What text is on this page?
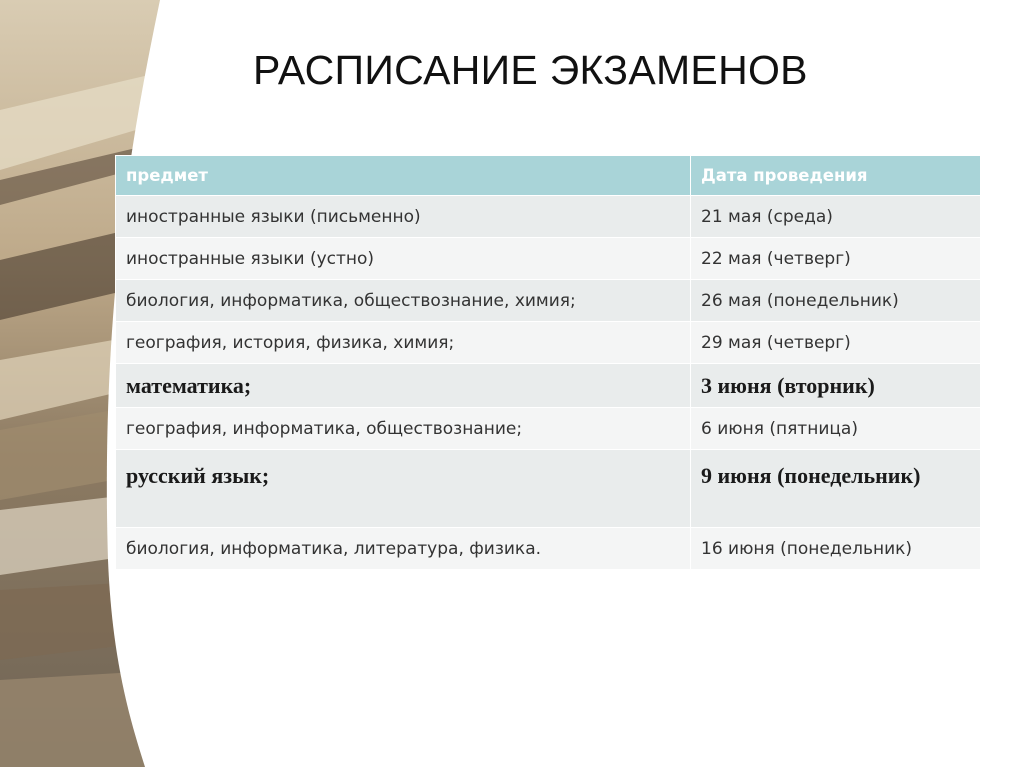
РАСПИСАНИЕ ЭКЗАМЕНОВ
предмет	Дата проведения
иностранные языки (письменно)	21 мая (среда)
иностранные языки (устно)	22 мая (четверг)
биология, информатика, обществознание, химия;	26 мая (понедельник)
география, история, физика, химия;	29 мая (четверг)
математика;	3 июня (вторник)
география, информатика, обществознание;	6 июня (пятница)
русский язык;	9 июня (понедельник)
биология, информатика, литература, физика.	16 июня (понедельник)
